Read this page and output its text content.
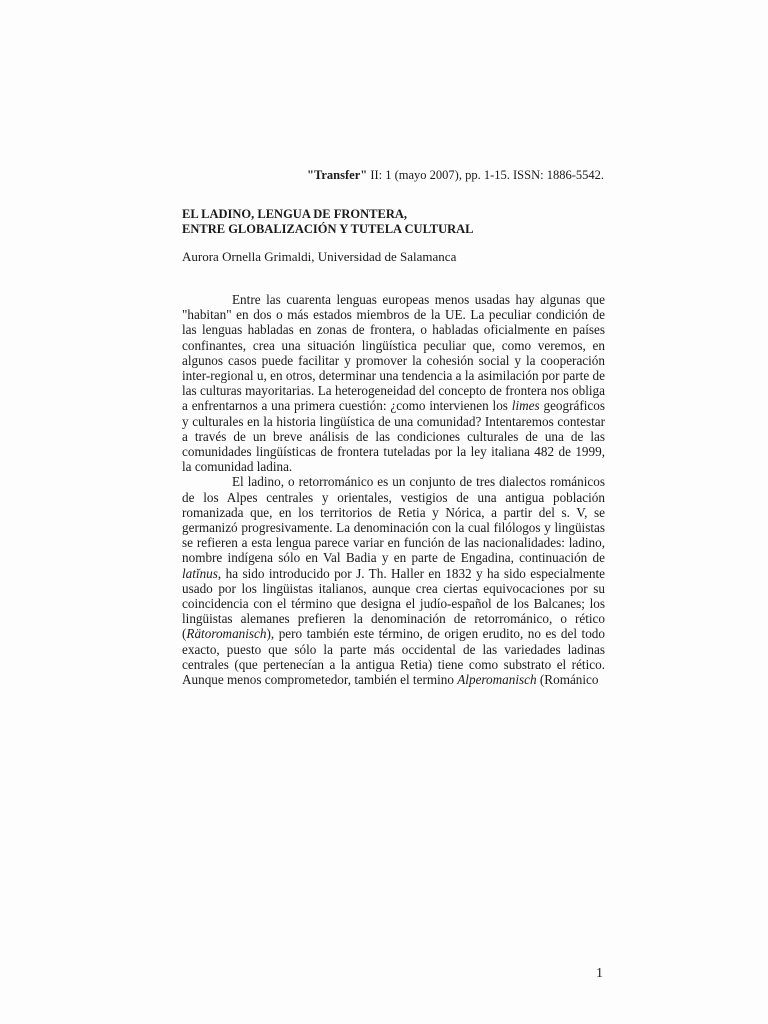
"Transfer" II: 1 (mayo 2007), pp. 1-15. ISSN: 1886-5542.
EL LADINO, LENGUA DE FRONTERA,
ENTRE GLOBALIZACIÓN Y TUTELA CULTURAL
Aurora Ornella Grimaldi, Universidad de Salamanca

Entre las cuarenta lenguas europeas menos usadas hay algunas que "habitan" en dos o más estados miembros de la UE. La peculiar condición de las lenguas habladas en zonas de frontera, o habladas oficialmente en países confinantes, crea una situación lingüística peculiar que, como veremos, en algunos casos puede facilitar y promover la cohesión social y la cooperación inter-regional u, en otros, determinar una tendencia a la asimilación por parte de las culturas mayoritarias. La heterogeneidad del concepto de frontera nos obliga a enfrentarnos a una primera cuestión: ¿como intervienen los limes geográficos y culturales en la historia lingüística de una comunidad? Intentaremos contestar a través de un breve análisis de las condiciones culturales de una de las comunidades lingüísticas de frontera tuteladas por la ley italiana 482 de 1999, la comunidad ladina.

El ladino, o retorrománico es un conjunto de tres dialectos románicos de los Alpes centrales y orientales, vestigios de una antigua población romanizada que, en los territorios de Retia y Nórica, a partir del s. V, se germanizó progresivamente. La denominación con la cual filólogos y lingüistas se refieren a esta lengua parece variar en función de las nacionalidades: ladino, nombre indígena sólo en Val Badia y en parte de Engadina, continuación de latĭnus, ha sido introducido por J. Th. Haller en 1832 y ha sido especialmente usado por los lingüistas italianos, aunque crea ciertas equivocaciones por su coincidencia con el término que designa el judío-español de los Balcanes; los lingüistas alemanes prefieren la denominación de retorrománico, o rético (Rätoromanisch), pero también este término, de origen erudito, no es del todo exacto, puesto que sólo la parte más occidental de las variedades ladinas centrales (que pertenecían a la antigua Retia) tiene como substrato el rético. Aunque menos comprometedor, también el termino Alperomanisch (Románico

1
